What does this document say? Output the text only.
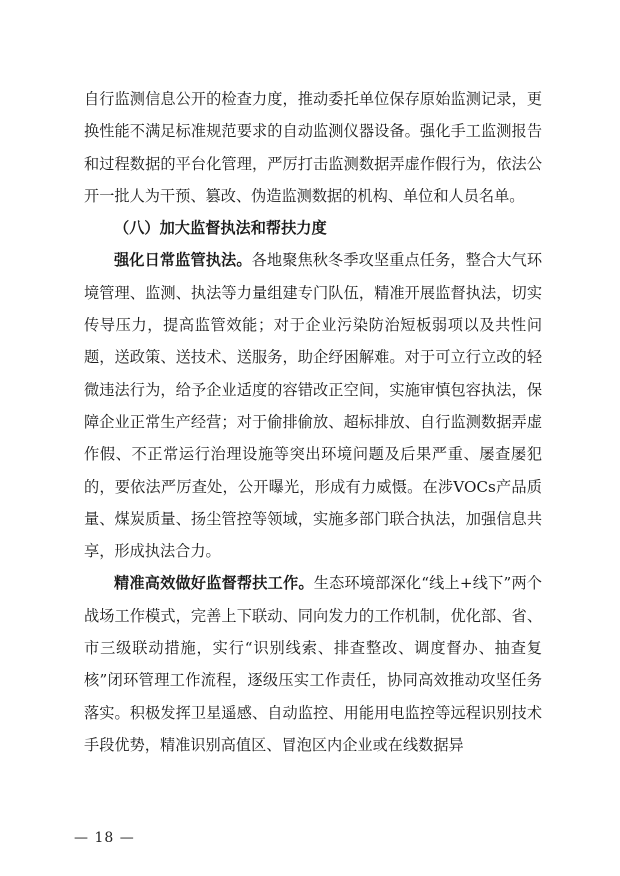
自行监测信息公开的检查力度，推动委托单位保存原始监测记录，更换性能不满足标准规范要求的自动监测仪器设备。强化手工监测报告和过程数据的平台化管理，严厉打击监测数据弄虚作假行为，依法公开一批人为干预、篡改、伪造监测数据的机构、单位和人员名单。

（八）加大监督执法和帮扶力度

强化日常监管执法。各地聚焦秋冬季攻坚重点任务，整合大气环境管理、监测、执法等力量组建专门队伍，精准开展监督执法，切实传导压力，提高监管效能；对于企业污染防治短板弱项以及共性问题，送政策、送技术、送服务，助企纾困解难。对于可立行立改的轻微违法行为，给予企业适度的容错改正空间，实施审慎包容执法，保障企业正常生产经营；对于偷排偷放、超标排放、自行监测数据弄虚作假、不正常运行治理设施等突出环境问题及后果严重、屡查屡犯的，要依法严厉查处，公开曝光，形成有力威慑。在涉VOCs产品质量、煤炭质量、扬尘管控等领域，实施多部门联合执法，加强信息共享，形成执法合力。

精准高效做好监督帮扶工作。生态环境部深化“线上+线下”两个战场工作模式，完善上下联动、同向发力的工作机制，优化部、省、市三级联动措施，实行“识别线索、排查整改、调度督办、抽查复核”闭环管理工作流程，逐级压实工作责任，协同高效推动攻坚任务落实。积极发挥卫星遥感、自动监控、用能用电监控等远程识别技术手段优势，精准识别高值区、冒泡区内企业或在线数据异

— 18 —
